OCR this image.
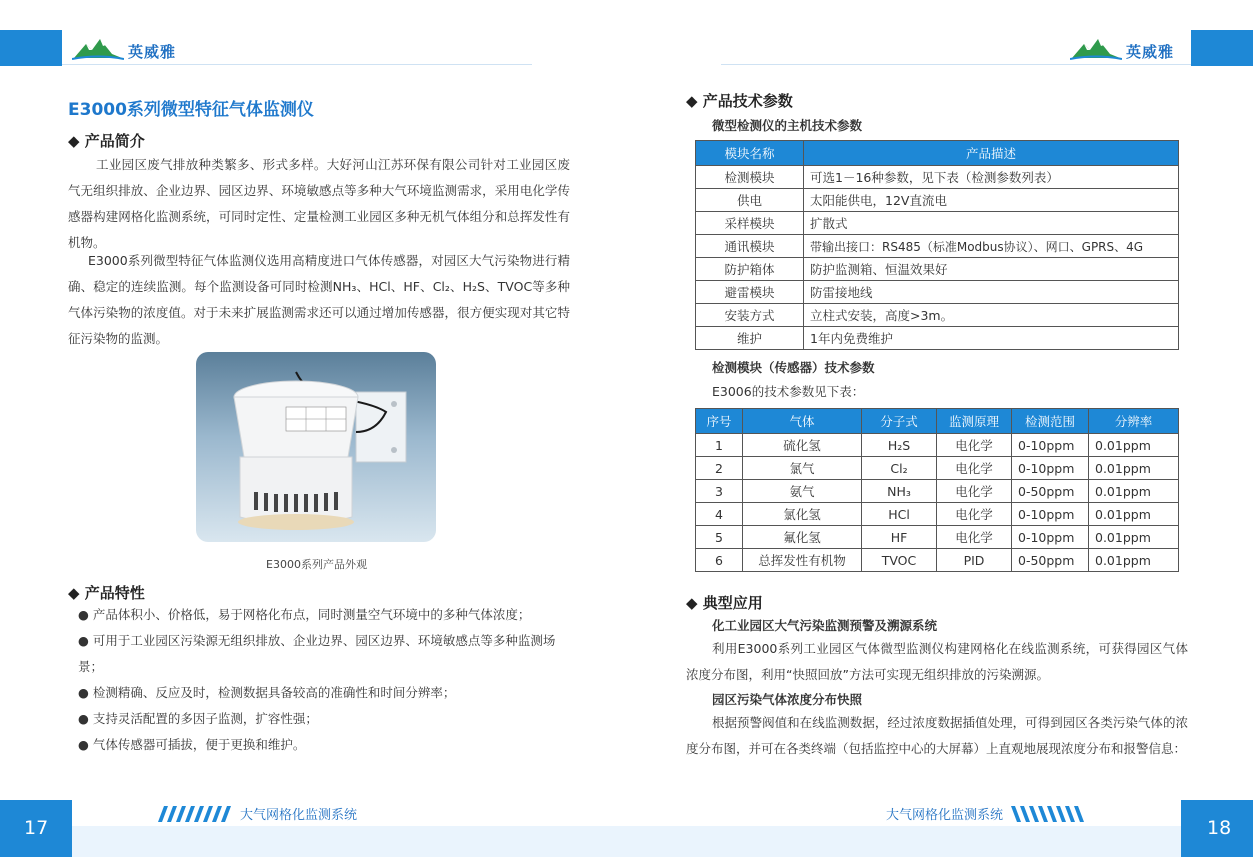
英威雅	英威雅
E3000系列微型特征气体监测仪
◆ 产品简介
工业园区废气排放种类繁多、形式多样。大好河山江苏环保有限公司针对工业园区废气无组织排放、企业边界、园区边界、环境敏感点等多种大气环境监测需求，采用电化学传感器构建网格化监测系统，可同时定性、定量检测工业园区多种无机气体组分和总挥发性有机物。
E3000系列微型特征气体监测仪选用高精度进口气体传感器，对园区大气污染物进行精确、稳定的连续监测。每个监测设备可同时检测NH₃、HCl、HF、Cl₂、H₂S、TVOC等多种气体污染物的浓度值。对于未来扩展监测需求还可以通过增加传感器，很方便实现对其它特征污染物的监测。
E3000系列产品外观
◆ 产品特性
● 产品体积小、价格低，易于网格化布点，同时测量空气环境中的多种气体浓度；
● 可用于工业园区污染源无组织排放、企业边界、园区边界、环境敏感点等多种监测场景；
● 检测精确、反应及时，检测数据具备较高的准确性和时间分辨率；
● 支持灵活配置的多因子监测，扩容性强；
● 气体传感器可插拔，便于更换和维护。
◆ 产品技术参数
微型检测仪的主机技术参数
模块名称	产品描述
检测模块	可选1－16种参数，见下表（检测参数列表）
供电	太阳能供电，12V直流电
采样模块	扩散式
通讯模块	带输出接口：RS485（标准Modbus协议）、网口、GPRS、4G
防护箱体	防护监测箱、恒温效果好
避雷模块	防雷接地线
安装方式	立柱式安装，高度>3m。
维护	1年内免费维护
检测模块（传感器）技术参数
E3006的技术参数见下表：
序号	气体	分子式	监测原理	检测范围	分辨率
1	硫化氢	H₂S	电化学	0-10ppm	0.01ppm
2	氯气	Cl₂	电化学	0-10ppm	0.01ppm
3	氨气	NH₃	电化学	0-50ppm	0.01ppm
4	氯化氢	HCl	电化学	0-10ppm	0.01ppm
5	氟化氢	HF	电化学	0-10ppm	0.01ppm
6	总挥发性有机物	TVOC	PID	0-50ppm	0.01ppm
◆ 典型应用
化工业园区大气污染监测预警及溯源系统
利用E3000系列工业园区气体微型监测仪构建网格化在线监测系统，可获得园区气体浓度分布图，利用“快照回放”方法可实现无组织排放的污染溯源。
园区污染气体浓度分布快照
根据预警阀值和在线监测数据，经过浓度数据插值处理，可得到园区各类污染气体的浓度分布图，并可在各类终端（包括监控中心的大屏幕）上直观地展现浓度分布和报警信息：
17	18
大气网格化监测系统	大气网格化监测系统
